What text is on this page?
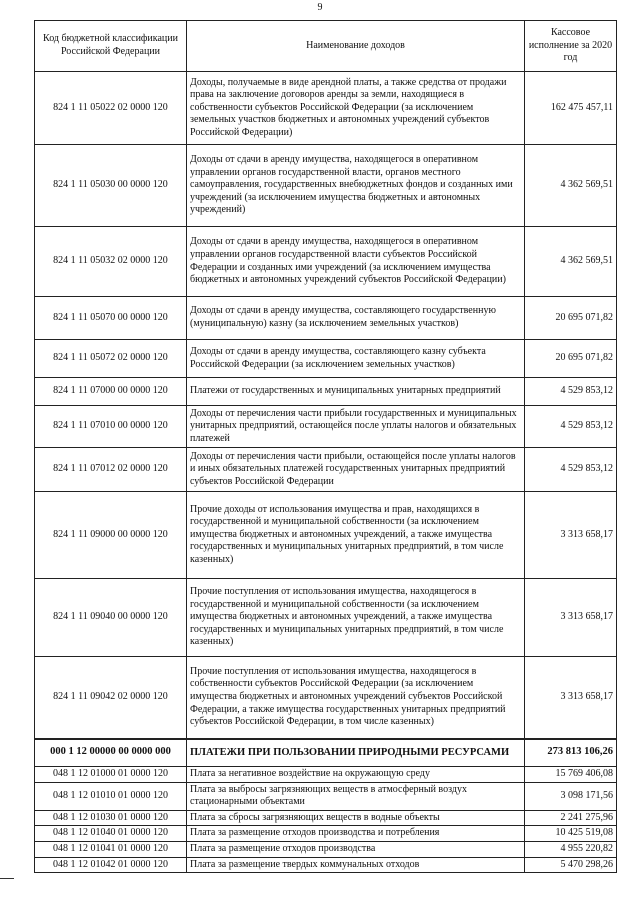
9
Код бюджетной классификации Российской Федерации	Наименование доходов	Кассовое исполнение за 2020 год
824 1 11 05022 02 0000 120	Доходы, получаемые в виде арендной платы, а также средства от продажи права на заключение договоров аренды за земли, находящиеся в собственности субъектов Российской Федерации (за исключением земельных участков бюджетных и автономных учреждений субъектов Российской Федерации)	162 475 457,11
824 1 11 05030 00 0000 120	Доходы от сдачи в аренду имущества, находящегося в оперативном управлении органов государственной власти, органов местного самоуправления, государственных внебюджетных фондов и созданных ими учреждений (за исключением имущества бюджетных и автономных учреждений)	4 362 569,51
824 1 11 05032 02 0000 120	Доходы от сдачи в аренду имущества, находящегося в оперативном управлении органов государственной власти субъектов Российской Федерации и созданных ими учреждений (за исключением имущества бюджетных и автономных учреждений субъектов Российской Федерации)	4 362 569,51
824 1 11 05070 00 0000 120	Доходы от сдачи в аренду имущества, составляющего государственную (муниципальную) казну (за исключением земельных участков)	20 695 071,82
824 1 11 05072 02 0000 120	Доходы от сдачи в аренду имущества, составляющего казну субъекта Российской Федерации (за исключением земельных участков)	20 695 071,82
824 1 11 07000 00 0000 120	Платежи от государственных и муниципальных унитарных предприятий	4 529 853,12
824 1 11 07010 00 0000 120	Доходы от перечисления части прибыли государственных и муниципальных унитарных предприятий, остающейся после уплаты налогов и обязательных платежей	4 529 853,12
824 1 11 07012 02 0000 120	Доходы от перечисления части прибыли, остающейся после уплаты налогов и иных обязательных платежей государственных унитарных предприятий субъектов Российской Федерации	4 529 853,12
824 1 11 09000 00 0000 120	Прочие доходы от использования имущества и прав, находящихся в государственной и муниципальной собственности (за исключением имущества бюджетных и автономных учреждений, а также имущества государственных и муниципальных унитарных предприятий, в том числе казенных)	3 313 658,17
824 1 11 09040 00 0000 120	Прочие поступления от использования имущества, находящегося в государственной и муниципальной собственности (за исключением имущества бюджетных и автономных учреждений, а также имущества государственных и муниципальных унитарных предприятий, в том числе казенных)	3 313 658,17
824 1 11 09042 02 0000 120	Прочие поступления от использования имущества, находящегося в собственности субъектов Российской Федерации (за исключением имущества бюджетных и автономных учреждений субъектов Российской Федерации, а также имущества государственных унитарных предприятий субъектов Российской Федерации, в том числе казенных)	3 313 658,17
000 1 12 00000 00 0000 000	ПЛАТЕЖИ ПРИ ПОЛЬЗОВАНИИ ПРИРОДНЫМИ РЕСУРСАМИ	273 813 106,26
048 1 12 01000 01 0000 120	Плата за негативное воздействие на окружающую среду	15 769 406,08
048 1 12 01010 01 0000 120	Плата за выбросы загрязняющих веществ в атмосферный воздух стационарными объектами	3 098 171,56
048 1 12 01030 01 0000 120	Плата за сбросы загрязняющих веществ в водные объекты	2 241 275,96
048 1 12 01040 01 0000 120	Плата за размещение отходов производства и потребления	10 425 519,08
048 1 12 01041 01 0000 120	Плата за размещение отходов производства	4 955 220,82
048 1 12 01042 01 0000 120	Плата за размещение твердых коммунальных отходов	5 470 298,26
